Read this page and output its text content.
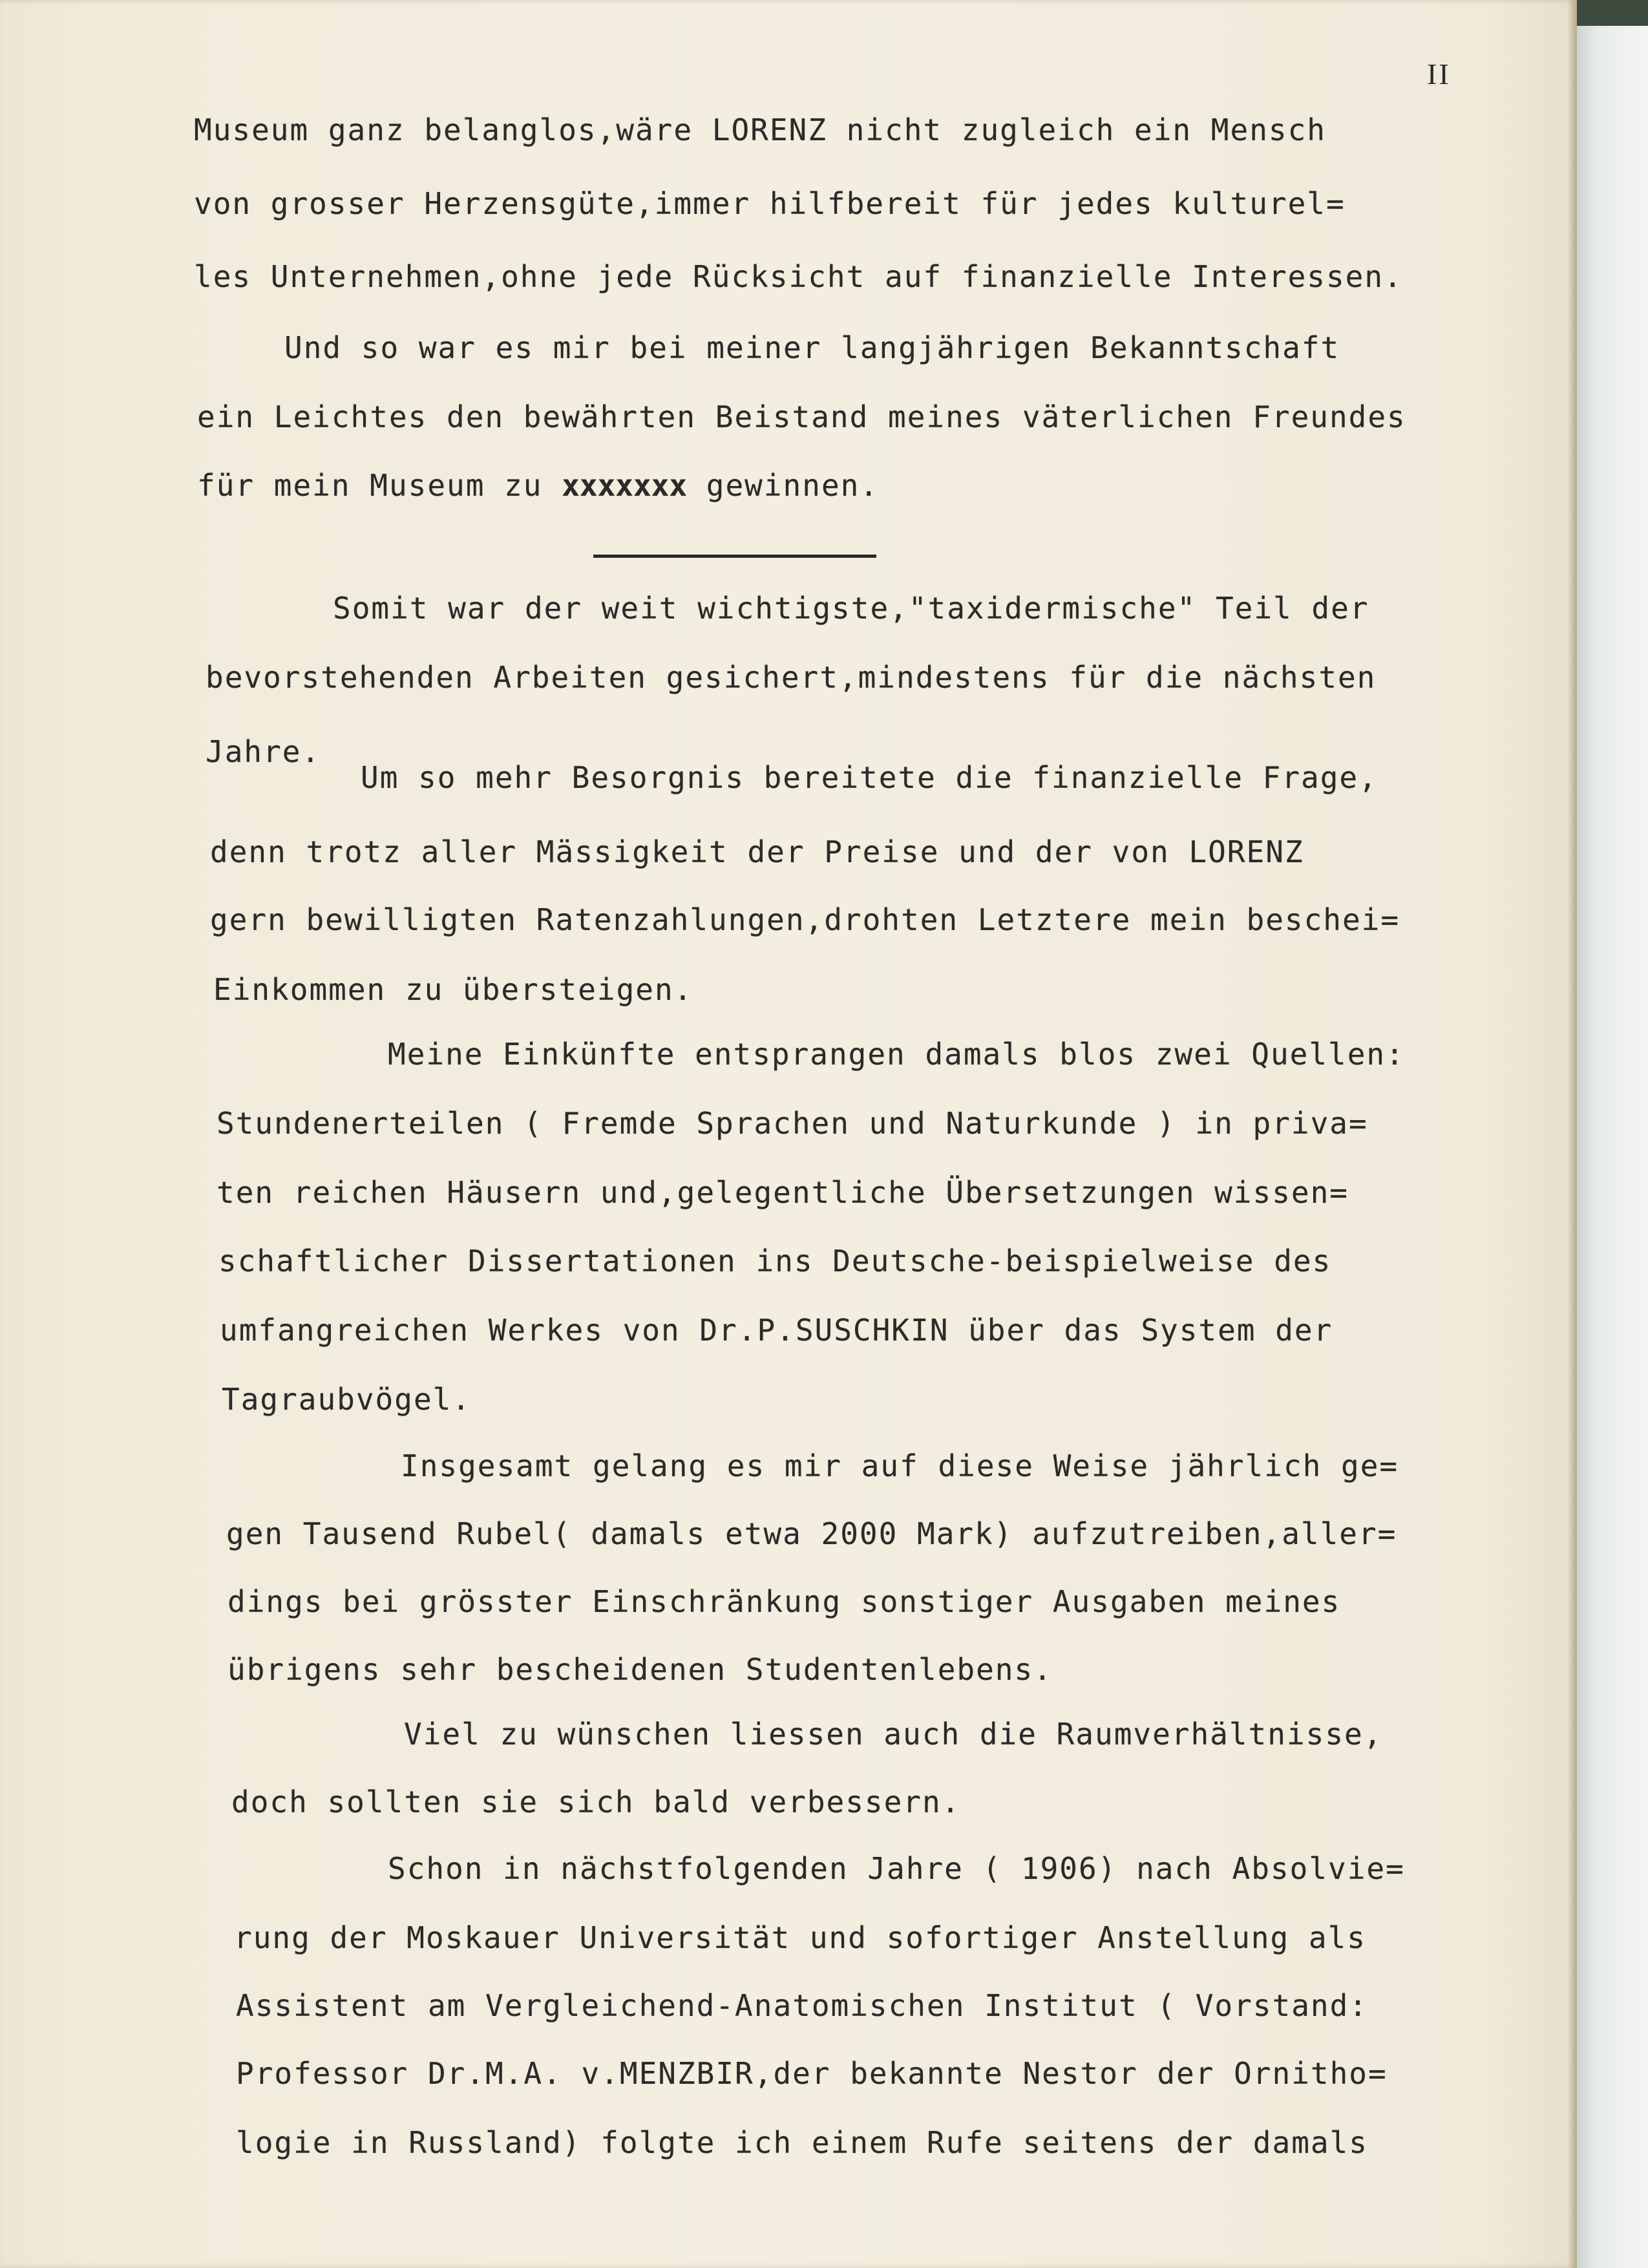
II
Museum ganz belanglos,wäre LORENZ nicht zugleich ein Mensch
von grosser Herzensgüte,immer hilfbereit für jedes kulturel=
les Unternehmen,ohne jede Rücksicht auf finanzielle Interessen.
Und so war es mir bei meiner langjährigen Bekanntschaft
ein Leichtes den bewährten Beistand meines väterlichen Freundes
für mein Museum zu xxxxxxx gewinnen.
Somit war der weit wichtigste,"taxidermische" Teil der
bevorstehenden Arbeiten gesichert,mindestens für die nächsten
Jahre.
Um so mehr Besorgnis bereitete die finanzielle Frage,
denn trotz aller Mässigkeit der Preise und der von LORENZ
gern bewilligten Ratenzahlungen,drohten Letztere mein beschei=
Einkommen zu übersteigen.
Meine Einkünfte entsprangen damals blos zwei Quellen:
Stundenerteilen ( Fremde Sprachen und Naturkunde ) in priva=
ten reichen Häusern und,gelegentliche Übersetzungen wissen=
schaftlicher Dissertationen ins Deutsche-beispielweise des
umfangreichen Werkes von Dr.P.SUSCHKIN über das System der
Tagraubvögel.
Insgesamt gelang es mir auf diese Weise jährlich ge=
gen Tausend Rubel( damals etwa 2000 Mark) aufzutreiben,aller=
dings bei grösster Einschränkung sonstiger Ausgaben meines
übrigens sehr bescheidenen Studentenlebens.
Viel zu wünschen liessen auch die Raumverhältnisse,
doch sollten sie sich bald verbessern.
Schon in nächstfolgenden Jahre ( 1906) nach Absolvie=
rung der Moskauer Universität und sofortiger Anstellung als
Assistent am Vergleichend-Anatomischen Institut ( Vorstand:
Professor Dr.M.A. v.MENZBIR,der bekannte Nestor der Ornitho=
logie in Russland) folgte ich einem Rufe seitens der damals
